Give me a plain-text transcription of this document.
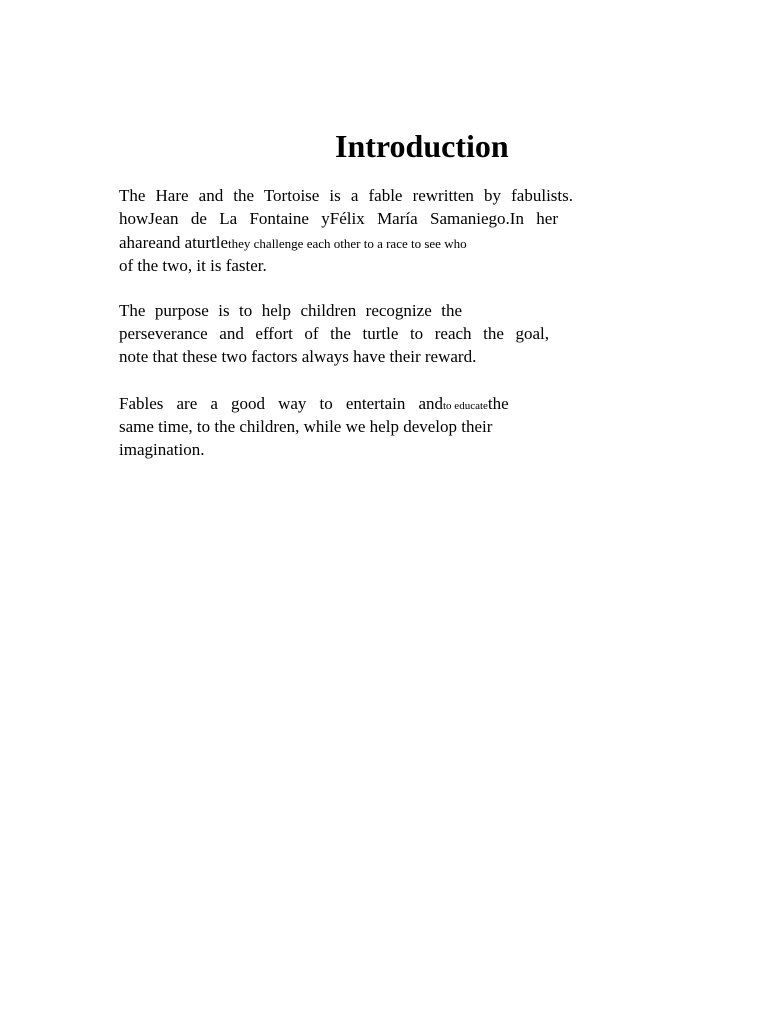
Introduction
The Hare and the Tortoise is a fable rewritten by fabulists.
howJean de La Fontaine yFélix María Samaniego.In her
ahareand aturtlethey challenge each other to a race to see who
of the two, it is faster.
The purpose is to help children recognize the
perseverance and effort of the turtle to reach the goal,
note that these two factors always have their reward.
Fables are a good way to entertain andto educatethe
same time, to the children, while we help develop their
imagination.
